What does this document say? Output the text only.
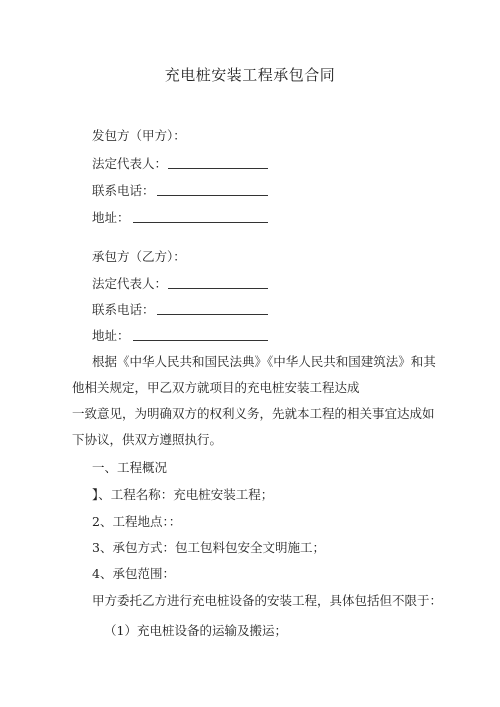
充电桩安装工程承包合同
发包方（甲方）：
法定代表人：
联系电话：
地址：
承包方（乙方）：
法定代表人：
联系电话：
地址：
根据《中华人民共和国民法典》《中华人民共和国建筑法》和其
他相关规定，甲乙双方就项目的充电桩安装工程达成
一致意见，为明确双方的权利义务，先就本工程的相关事宜达成如
下协议，供双方遵照执行。
一、工程概况
】、工程名称：充电桩安装工程；
2、工程地点：：
3、承包方式：包工包料包安全文明施工；
4、承包范围：
甲方委托乙方进行充电桩设备的安装工程，具体包括但不限于：
（1）充电桩设备的运输及搬运；
